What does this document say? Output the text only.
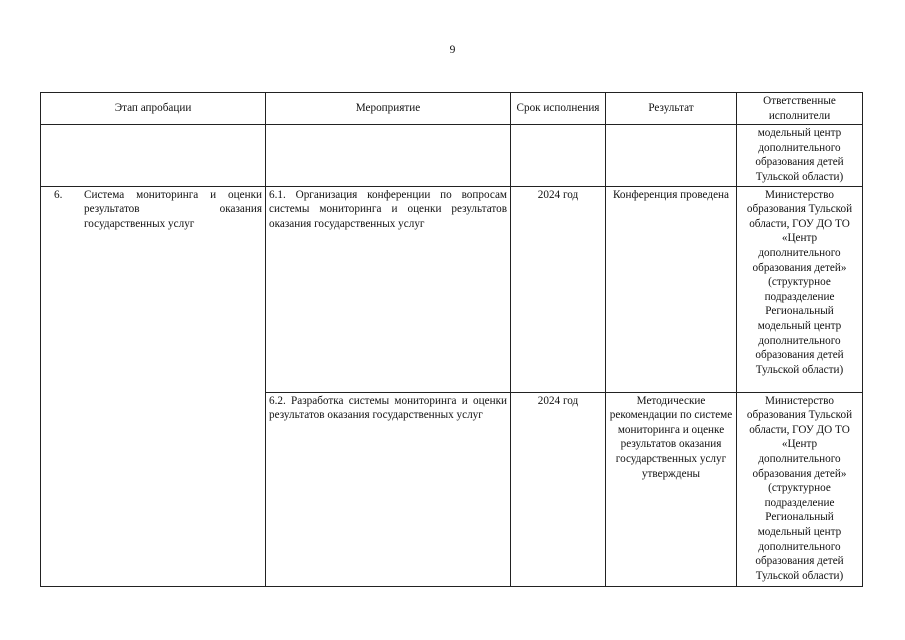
9
Этап апробации	Мероприятие	Срок исполнения	Результат	Ответственные исполнители
				модельный центр дополнительного образования детей Тульской области)

6. Система мониторинга и оценки результатов оказания государственных услуг	6.1. Организация конференции по вопросам системы мониторинга и оценки результатов оказания государственных услуг	2024 год	Конференция проведена	Министерство образования Тульской области, ГОУ ДО ТО «Центр дополнительного образования детей» (структурное подразделение Региональный модельный центр дополнительного образования детей Тульской области)
	6.2. Разработка системы мониторинга и оценки результатов оказания государственных услуг	2024 год	Методические рекомендации по системе мониторинга и оценке результатов оказания государственных услуг утверждены	Министерство образования Тульской области, ГОУ ДО ТО «Центр дополнительного образования детей» (структурное подразделение Региональный модельный центр дополнительного образования детей Тульской области)
